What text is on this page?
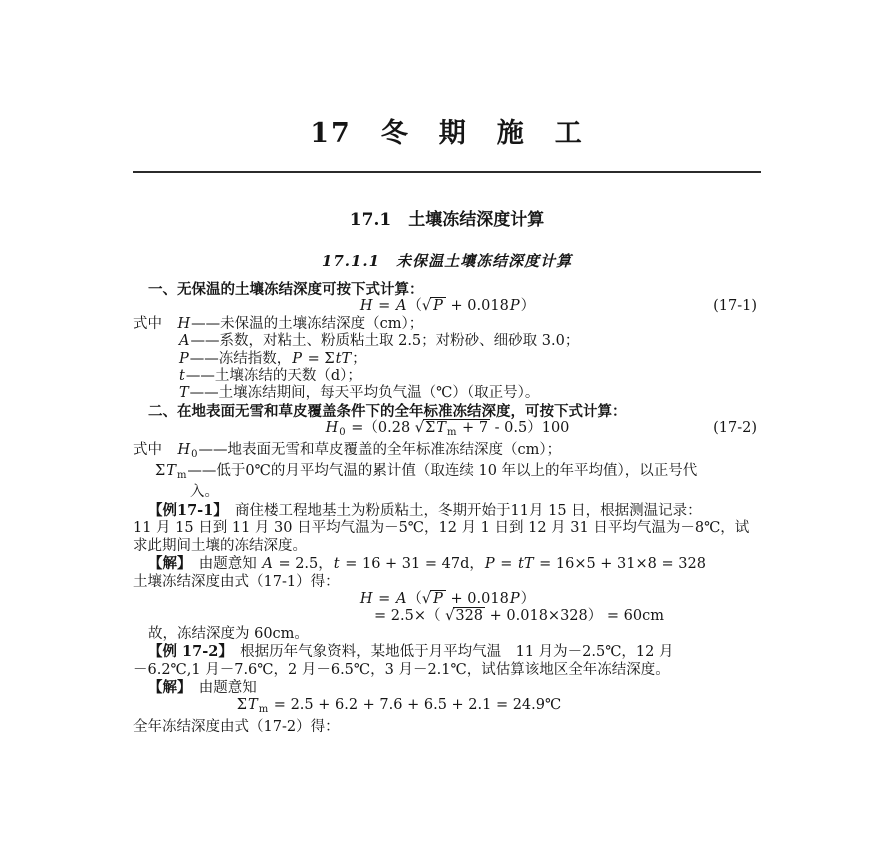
17　冬　期　施　工
17.1　土壤冻结深度计算
17.1.1　未保温土壤冻结深度计算
一、无保温的土壤冻结深度可按下式计算：
H = A（√ P + 0.018P）	(17-1)
式中　H——未保温的土壤冻结深度（cm）；
A——系数，对粘土、粉质粘土取 2.5；对粉砂、细砂取 3.0；
P——冻结指数，P = ΣtT；
t——土壤冻结的天数（d）；
T——土壤冻结期间，每天平均负气温（℃）（取正号）。
二、在地表面无雪和草皮覆盖条件下的全年标准冻结深度，可按下式计算：
$H_0 =(0.28$ √ $\Sigma T_m + 7 - 0.5)100$	(17-2)
式中　$H_0——$地表面无雪和草皮覆盖的全年标准冻结深度（cm）；
$\Sigma T_m——$低于0℃的月平均气温的累计值（取连续 10 年以上的年平均值），以正号代
入。
【例17-1】　商住楼工程地基土为粉质粘土，冬期开始于11月 15 日，根据测温记录：
11 月 15 日到 11 月 30 日平均气温为－5℃，12 月 1 日到 12 月 31 日平均气温为－8℃，试
求此期间土壤的冻结深度。
【解】　由题意知 A = 2.5，t = 16 + 31 = 47d，P = tT = 16×5 + 31×8 = 328
土壤冻结深度由式（17-1）得：
H = A（√ P + 0.018P）
= 2.5×（ √ 328 + 0.018×328） = 60cm
故，冻结深度为 60cm。
【例 17-2】　根据历年气象资料，某地低于月平均气温　11 月为－2.5℃，12 月
－6.2℃,1 月－7.6℃，2 月－6.5℃，3 月－2.1℃，试估算该地区全年冻结深度。
【解】　由题意知
$\Sigma T_m = 2.5 + 6.2 + 7.6 + 6.5 + 2.1$ = 24.9℃
全年冻结深度由式（17-2）得：
